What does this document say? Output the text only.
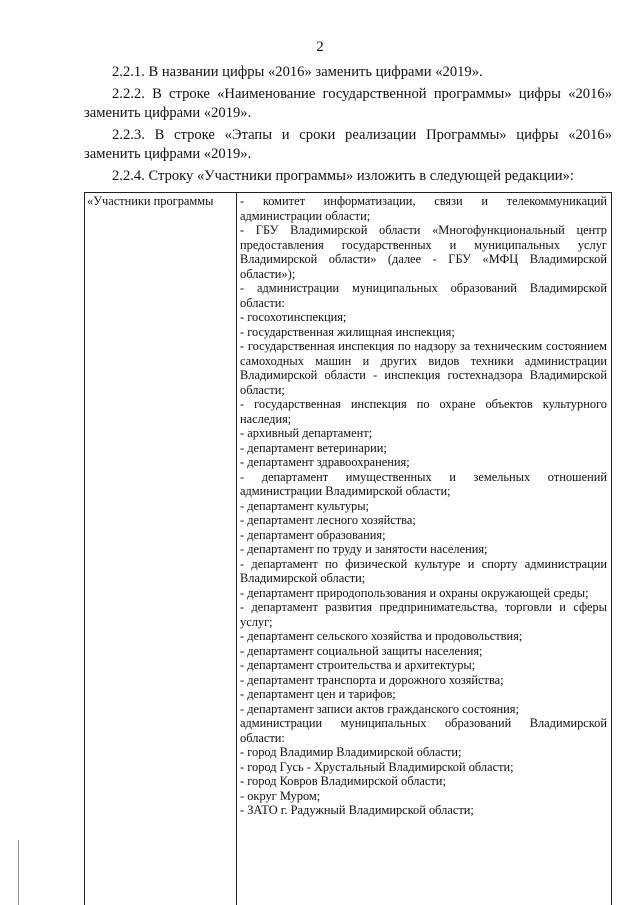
2

2.2.1. В названии цифры «2016» заменить цифрами «2019».

2.2.2. В строке «Наименование государственной программы» цифры «2016» заменить цифрами «2019».

2.2.3. В строке «Этапы и сроки реализации Программы» цифры «2016» заменить цифрами «2019».

2.2.4. Строку «Участники программы» изложить в следующей редакции»:

«Участники программы	- комитет информатизации, связи и телекоммуникаций администрации области;

- ГБУ Владимирской области «Многофункциональный центр предоставления государственных и муниципальных услуг Владимирской области» (далее - ГБУ «МФЦ Владимирской области»);

- администрации муниципальных образований Владимирской области:

- госохотинспекция;

- государственная жилищная инспекция;

- государственная инспекция по надзору за техническим состоянием самоходных машин и других видов техники администрации Владимирской области - инспекция гостехнадзора Владимирской области;

- государственная инспекция по охране объектов культурного наследия;

- архивный департамент;

- департамент ветеринарии;

- департамент здравоохранения;

- департамент имущественных и земельных отношений администрации Владимирской области;

- департамент культуры;

- департамент лесного хозяйства;

- департамент образования;

- департамент по труду и занятости населения;

- департамент по физической культуре и спорту администрации Владимирской области;

- департамент природопользования и охраны окружающей среды;

- департамент развития предпринимательства, торговли и сферы услуг;

- департамент сельского хозяйства и продовольствия;

- департамент социальной защиты населения;

- департамент строительства и архитектуры;

- департамент транспорта и дорожного хозяйства;

- департамент цен и тарифов;

- департамент записи актов гражданского состояния;

администрации муниципальных образований Владимирской области:

- город Владимир Владимирской области;

- город Гусь - Хрустальный Владимирской области;

- город Ковров Владимирской области;

- округ Муром;

- ЗАТО г. Радужный Владимирской области;
